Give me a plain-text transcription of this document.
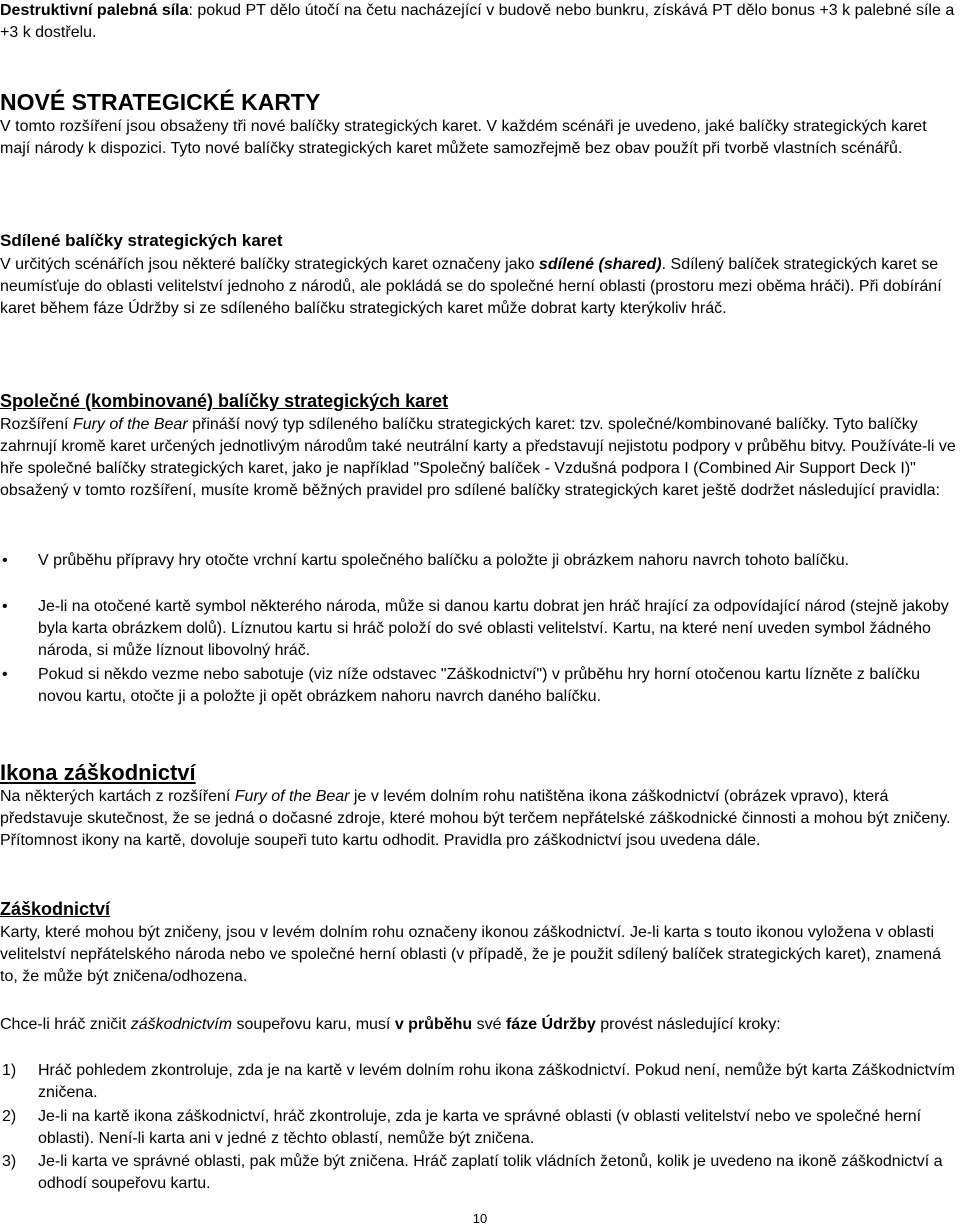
Destruktivní palebná síla: pokud PT dělo útočí na četu nacházející v budově nebo bunkru, získává PT dělo bonus +3 k palebné síle a +3 k dostřelu.

NOVÉ STRATEGICKÉ KARTY

V tomto rozšíření jsou obsaženy tři nové balíčky strategických karet. V každém scénáři je uvedeno, jaké balíčky strategických karet mají národy k dispozici. Tyto nové balíčky strategických karet můžete samozřejmě bez obav použít při tvorbě vlastních scénářů.

Sdílené balíčky strategických karet

V určitých scénářích jsou některé balíčky strategických karet označeny jako sdílené (shared). Sdílený balíček strategických karet se neumísťuje do oblasti velitelství jednoho z národů, ale pokládá se do společné herní oblasti (prostoru mezi oběma hráči). Při dobírání karet během fáze Údržby si ze sdíleného balíčku strategických karet může dobrat karty kterýkoliv hráč.

Společné (kombinované) balíčky strategických karet

Rozšíření Fury of the Bear přináší nový typ sdíleného balíčku strategických karet: tzv. společné/kombinované balíčky. Tyto balíčky zahrnují kromě karet určených jednotlivým národům také neutrální karty a představují nejistotu podpory v průběhu bitvy. Používáte-li ve hře společné balíčky strategických karet, jako je například "Společný balíček - Vzdušná podpora I (Combined Air Support Deck I)" obsažený v tomto rozšíření, musíte kromě běžných pravidel pro sdílené balíčky strategických karet ještě dodržet následující pravidla:

• V průběhu přípravy hry otočte vrchní kartu společného balíčku a položte ji obrázkem nahoru navrch tohoto balíčku.
• Je-li na otočené kartě symbol některého národa, může si danou kartu dobrat jen hráč hrající za odpovídající národ (stejně jakoby byla karta obrázkem dolů). Líznutou kartu si hráč položí do své oblasti velitelství. Kartu, na které není uveden symbol žádného národa, si může líznout libovolný hráč.
• Pokud si někdo vezme nebo sabotuje (viz níže odstavec "Záškodnictví") v průběhu hry horní otočenou kartu lízněte z balíčku novou kartu, otočte ji a položte ji opět obrázkem nahoru navrch daného balíčku.
Ikona záškodnictví

Na některých kartách z rozšíření Fury of the Bear je v levém dolním rohu natištěna ikona záškodnictví (obrázek vpravo), která představuje skutečnost, že se jedná o dočasné zdroje, které mohou být terčem nepřátelské záškodnické činnosti a mohou být zničeny. Přítomnost ikony na kartě, dovoluje soupeři tuto kartu odhodit. Pravidla pro záškodnictví jsou uvedena dále.

Záškodnictví

Karty, které mohou být zničeny, jsou v levém dolním rohu označeny ikonou záškodnictví. Je-li karta s touto ikonou vyložena v oblasti velitelství nepřátelského národa nebo ve společné herní oblasti (v případě, že je použit sdílený balíček strategických karet), znamená to, že může být zničena/odhozena.

Chce-li hráč zničit záškodnictvím soupeřovu karu, musí v průběhu své fáze Údržby provést následující kroky:

1) Hráč pohledem zkontroluje, zda je na kartě v levém dolním rohu ikona záškodnictví. Pokud není, nemůže být karta Záškodnictvím zničena.
2) Je-li na kartě ikona záškodnictví, hráč zkontroluje, zda je karta ve správné oblasti (v oblasti velitelství nebo ve společné herní oblasti). Není-li karta ani v jedné z těchto oblastí, nemůže být zničena.
3) Je-li karta ve správné oblasti, pak může být zničena. Hráč zaplatí tolik vládních žetonů, kolik je uvedeno na ikoně záškodnictví a odhodí soupeřovu kartu.
10
